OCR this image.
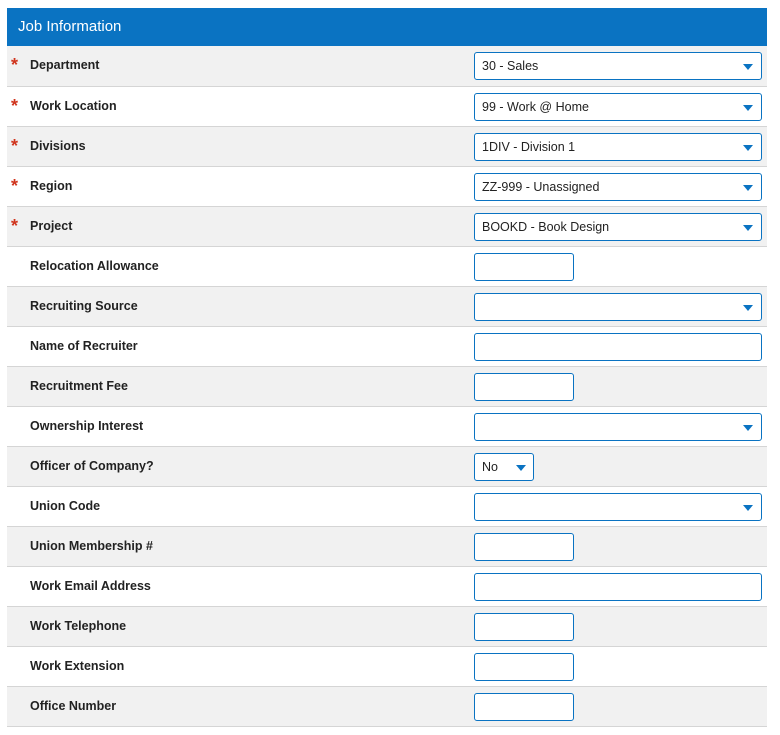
Job Information
* Department	30 - Sales
* Work Location	99 - Work @ Home
* Divisions	1DIV - Division 1
* Region	ZZ-999 - Unassigned
* Project	BOOKD - Book Design
Relocation Allowance
Recruiting Source
Name of Recruiter
Recruitment Fee
Ownership Interest
Officer of Company?	No
Union Code
Union Membership #
Work Email Address
Work Telephone
Work Extension
Office Number
